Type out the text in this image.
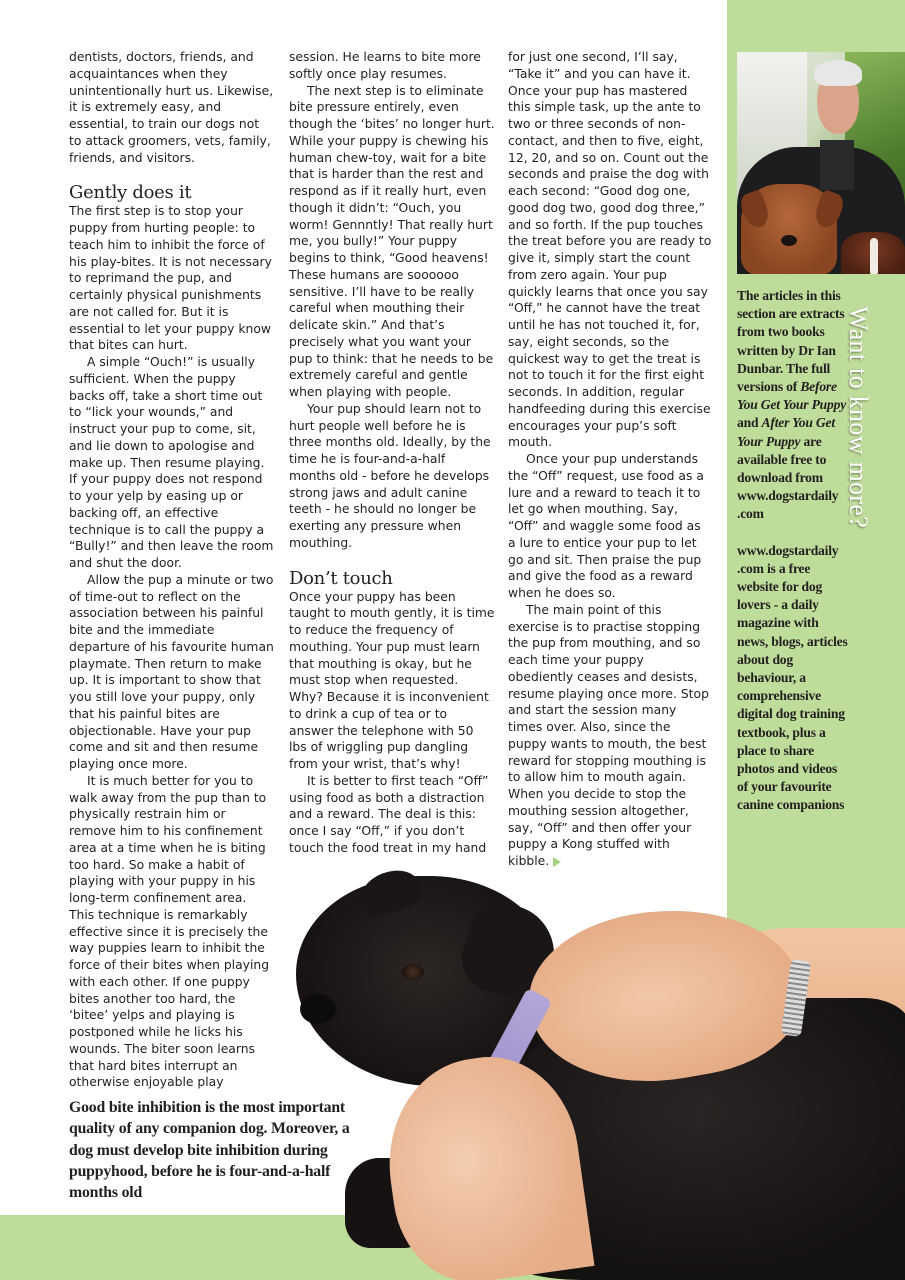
dentists, doctors, friends, and acquaintances when they unintentionally hurt us. Likewise, it is extremely easy, and essential, to train our dogs not to attack groomers, vets, family, friends, and visitors.

Gently does it

The first step is to stop your puppy from hurting people: to teach him to inhibit the force of his play-bites. It is not necessary to reprimand the pup, and certainly physical punishments are not called for. But it is essential to let your puppy know that bites can hurt.

A simple “Ouch!” is usually sufficient. When the puppy backs off, take a short time out to “lick your wounds,” and instruct your pup to come, sit, and lie down to apologise and make up. Then resume playing. If your puppy does not respond to your yelp by easing up or backing off, an effective technique is to call the puppy a “Bully!” and then leave the room and shut the door.

Allow the pup a minute or two of time-out to reflect on the association between his painful bite and the immediate departure of his favourite human playmate. Then return to make up. It is important to show that you still love your puppy, only that his painful bites are objectionable. Have your pup come and sit and then resume playing once more.

It is much better for you to walk away from the pup than to physically restrain him or remove him to his confinement area at a time when he is biting too hard. So make a habit of playing with your puppy in his long-term confinement area. This technique is remarkably effective since it is precisely the way puppies learn to inhibit the force of their bites when playing with each other. If one puppy bites another too hard, the ‘bitee’ yelps and playing is postponed while he licks his wounds. The biter soon learns that hard bites interrupt an otherwise enjoyable play

session. He learns to bite more softly once play resumes.

The next step is to eliminate bite pressure entirely, even though the ‘bites’ no longer hurt. While your puppy is chewing his human chew-toy, wait for a bite that is harder than the rest and respond as if it really hurt, even though it didn’t: “Ouch, you worm! Gennntly! That really hurt me, you bully!” Your puppy begins to think, “Good heavens! These humans are soooooo sensitive. I’ll have to be really careful when mouthing their delicate skin.” And that’s precisely what you want your pup to think: that he needs to be extremely careful and gentle when playing with people.

Your pup should learn not to hurt people well before he is three months old. Ideally, by the time he is four-and-a-half months old - before he develops strong jaws and adult canine teeth - he should no longer be exerting any pressure when mouthing.

Don’t touch

Once your puppy has been taught to mouth gently, it is time to reduce the frequency of mouthing. Your pup must learn that mouthing is okay, but he must stop when requested. Why? Because it is inconvenient to drink a cup of tea or to answer the telephone with 50 lbs of wriggling pup dangling from your wrist, that’s why!

It is better to first teach “Off” using food as both a distraction and a reward. The deal is this: once I say “Off,” if you don’t touch the food treat in my hand

for just one second, I’ll say, “Take it” and you can have it. Once your pup has mastered this simple task, up the ante to two or three seconds of non-contact, and then to five, eight, 12, 20, and so on. Count out the seconds and praise the dog with each second: “Good dog one, good dog two, good dog three,” and so forth. If the pup touches the treat before you are ready to give it, simply start the count from zero again. Your pup quickly learns that once you say “Off,” he cannot have the treat until he has not touched it, for, say, eight seconds, so the quickest way to get the treat is not to touch it for the first eight seconds. In addition, regular handfeeding during this exercise encourages your pup’s soft mouth.

Once your pup understands the “Off” request, use food as a lure and a reward to teach it to let go when mouthing. Say, “Off” and waggle some food as a lure to entice your pup to let go and sit. Then praise the pup and give the food as a reward when he does so.

The main point of this exercise is to practise stopping the pup from mouthing, and so each time your puppy obediently ceases and desists, resume playing once more. Stop and start the session many times over. Also, since the puppy wants to mouth, the best reward for stopping mouthing is to allow him to mouth again. When you decide to stop the mouthing session altogether, say, “Off” and then offer your puppy a Kong stuffed with kibble.

The articles in this section are extracts from two books written by Dr Ian Dunbar. The full versions of Before You Get Your Puppy and After You Get Your Puppy are available free to download from www.dogstardaily .com

www.dogstardaily .com is a free website for dog lovers - a daily magazine with news, blogs, articles about dog behaviour, a comprehensive digital dog training textbook, plus a place to share photos and videos of your favourite canine companions

Want to know more?
Good bite inhibition is the most important quality of any companion dog. Moreover, a dog must develop bite inhibition during puppyhood, before he is four-and-a-half months old
